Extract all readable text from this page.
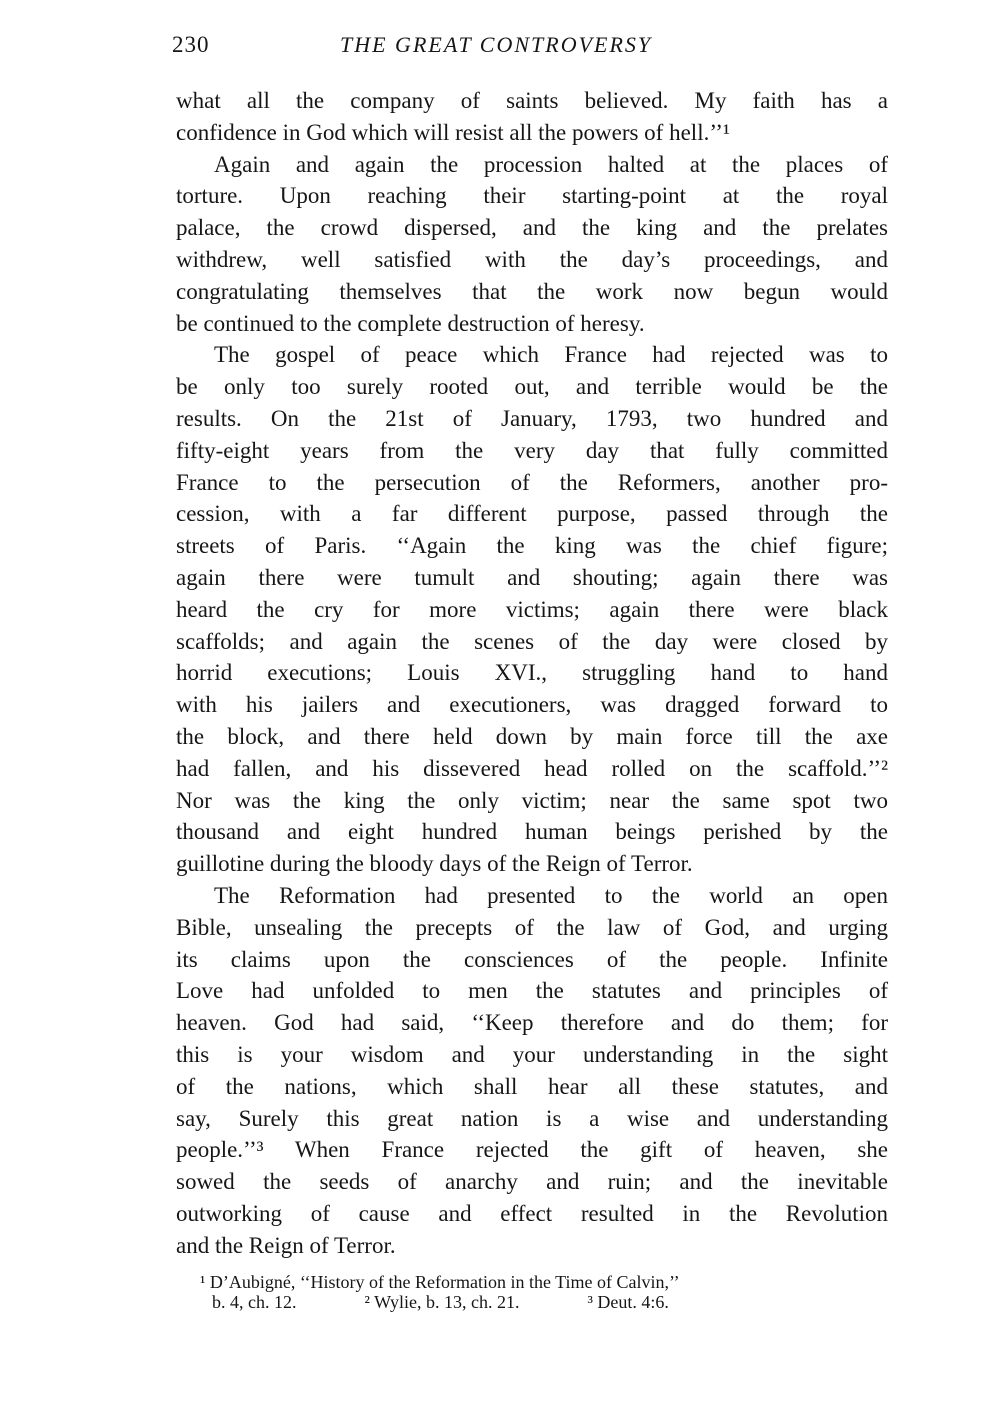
230	THE GREAT CONTROVERSY
what all the company of saints believed. My faith has a
confidence in God which will resist all the powers of hell.’’¹
Again and again the procession halted at the places of
torture. Upon reaching their starting-point at the royal
palace, the crowd dispersed, and the king and the prelates
withdrew, well satisfied with the day’s proceedings, and
congratulating themselves that the work now begun would
be continued to the complete destruction of heresy.
The gospel of peace which France had rejected was to
be only too surely rooted out, and terrible would be the
results. On the 21st of January, 1793, two hundred and
fifty-eight years from the very day that fully committed
France to the persecution of the Reformers, another pro-
cession, with a far different purpose, passed through the
streets of Paris. ‘‘Again the king was the chief figure;
again there were tumult and shouting; again there was
heard the cry for more victims; again there were black
scaffolds; and again the scenes of the day were closed by
horrid executions; Louis XVI., struggling hand to hand
with his jailers and executioners, was dragged forward to
the block, and there held down by main force till the axe
had fallen, and his dissevered head rolled on the scaffold.’’²
Nor was the king the only victim; near the same spot two
thousand and eight hundred human beings perished by the
guillotine during the bloody days of the Reign of Terror.
The Reformation had presented to the world an open
Bible, unsealing the precepts of the law of God, and urging
its claims upon the consciences of the people. Infinite
Love had unfolded to men the statutes and principles of
heaven. God had said, ‘‘Keep therefore and do them; for
this is your wisdom and your understanding in the sight
of the nations, which shall hear all these statutes, and
say, Surely this great nation is a wise and understanding
people.’’³ When France rejected the gift of heaven, she
sowed the seeds of anarchy and ruin; and the inevitable
outworking of cause and effect resulted in the Revolution
and the Reign of Terror.
¹ D’Aubigné, ‘‘History of the Reformation in the Time of Calvin,’’
b. 4, ch. 12.	² Wylie, b. 13, ch. 21.	³ Deut. 4:6.
